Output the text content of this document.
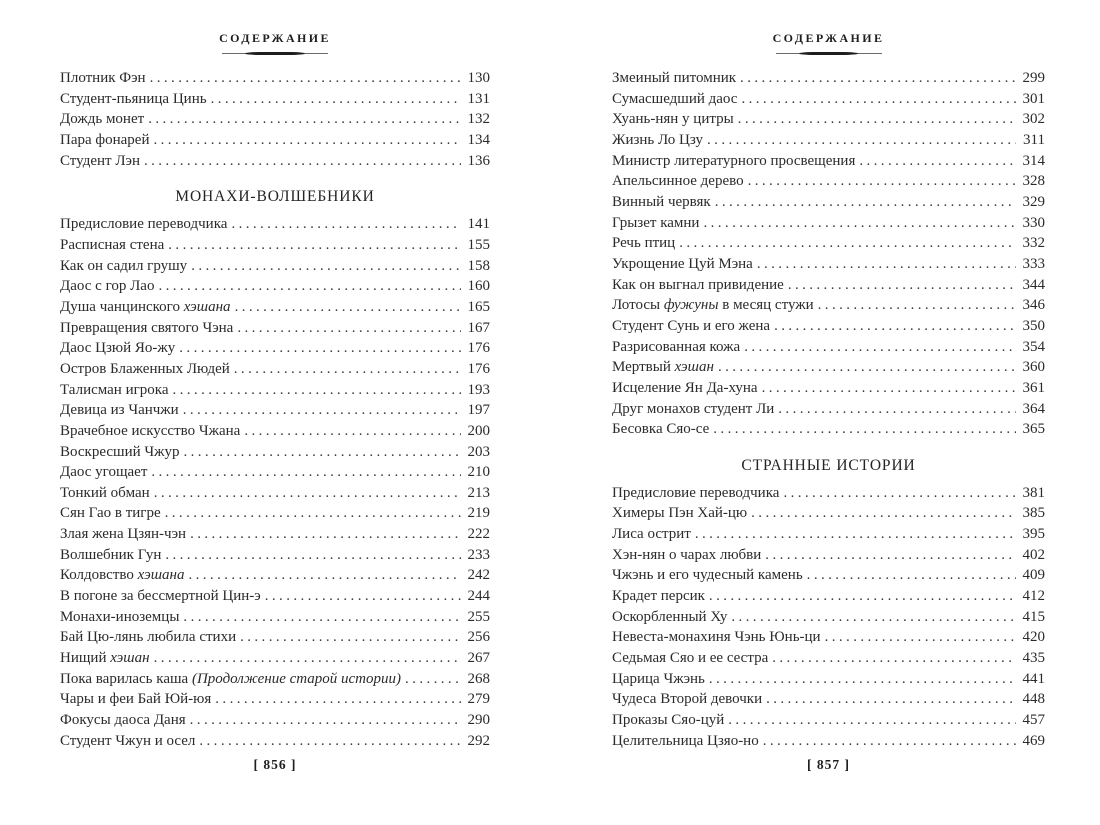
СОДЕРЖАНИЕ
Плотник Фэн .....	130
Студент-пьяница Цинь .....	131
Дождь монет .....	132
Пара фонарей .....	134
Студент Лэн .....	136
МОНАХИ-ВОЛШЕБНИКИ
Предисловие переводчика .....	141
Расписная стена .....	155
Как он садил грушу .....	158
Даос с гор Лао .....	160
Душа чанцинского хэшана .....	165
Превращения святого Чэна .....	167
Даос Цзюй Яо-жу .....	176
Остров Блаженных Людей .....	176
Талисман игрока .....	193
Девица из Чанчжи .....	197
Врачебное искусство Чжана .....	200
Воскресший Чжур .....	203
Даос угощает .....	210
Тонкий обман .....	213
Сян Гао в тигре .....	219
Злая жена Цзян-чэн .....	222
Волшебник Гун .....	233
Колдовство хэшана .....	242
В погоне за бессмертной Цин-э .....	244
Монахи-иноземцы .....	255
Бай Цю-лянь любила стихи .....	256
Нищий хэшан .....	267
Пока варилась каша (Продолжение старой истории) .....	268
Чары и феи Бай Юй-юя .....	279
Фокусы даоса Даня .....	290
Студент Чжун и осел .....	292
[ 856 ]
СОДЕРЖАНИЕ
Змеиный питомник .....	299
Сумасшедший даос .....	301
Хуань-нян у цитры .....	302
Жизнь Ло Цзу .....	311
Министр литературного просвещения .....	314
Апельсинное дерево .....	328
Винный червяк .....	329
Грызет камни .....	330
Речь птиц .....	332
Укрощение Цуй Мэна .....	333
Как он выгнал привидение .....	344
Лотосы фужуны в месяц стужи .....	346
Студент Сунь и его жена .....	350
Разрисованная кожа .....	354
Мертвый хэшан .....	360
Исцеление Ян Да-хуна .....	361
Друг монахов студент Ли .....	364
Бесовка Сяо-се .....	365
СТРАННЫЕ ИСТОРИИ
Предисловие переводчика .....	381
Химеры Пэн Хай-цю .....	385
Лиса острит .....	395
Хэн-нян о чарах любви .....	402
Чжэнь и его чудесный камень .....	409
Крадет персик .....	412
Оскорбленный Ху .....	415
Невеста-монахиня Чэнь Юнь-ци .....	420
Седьмая Сяо и ее сестра .....	435
Царица Чжэнь .....	441
Чудеса Второй девочки .....	448
Проказы Сяо-цуй .....	457
Целительница Цзяо-но .....	469
[ 857 ]
